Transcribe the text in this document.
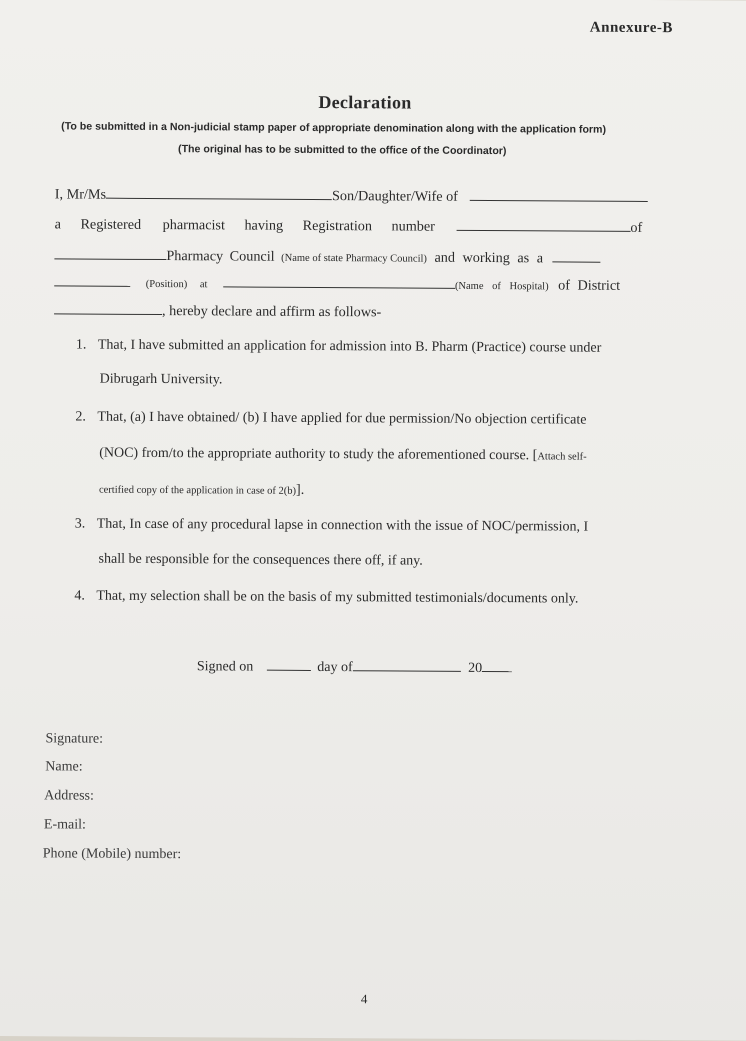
Annexure-B
Declaration
(To be submitted in a Non-judicial stamp paper of appropriate denomination along with the application form)
(The original has to be submitted to the office of the Coordinator)
I, Mr/Ms	Son/Daughter/Wife of
a Registered pharmacist having Registration number	of
Pharmacy Council (Name of state Pharmacy Council) and working as a
(Position) at	(Name of Hospital) of District
, hereby declare and affirm as follows-
1. That, I have submitted an application for admission into B. Pharm (Practice) course under
Dibrugarh University.
2. That, (a) I have obtained/ (b) I have applied for due permission/No objection certificate
(NOC) from/to the appropriate authority to study the aforementioned course. [Attach self-
certified copy of the application in case of 2(b)].
3. That, In case of any procedural lapse in connection with the issue of NOC/permission, I
shall be responsible for the consequences there off, if any.
4. That, my selection shall be on the basis of my submitted testimonials/documents only.
Signed on	day of	20
Signature:
Name:
Address:
E-mail:
Phone (Mobile) number:
4
